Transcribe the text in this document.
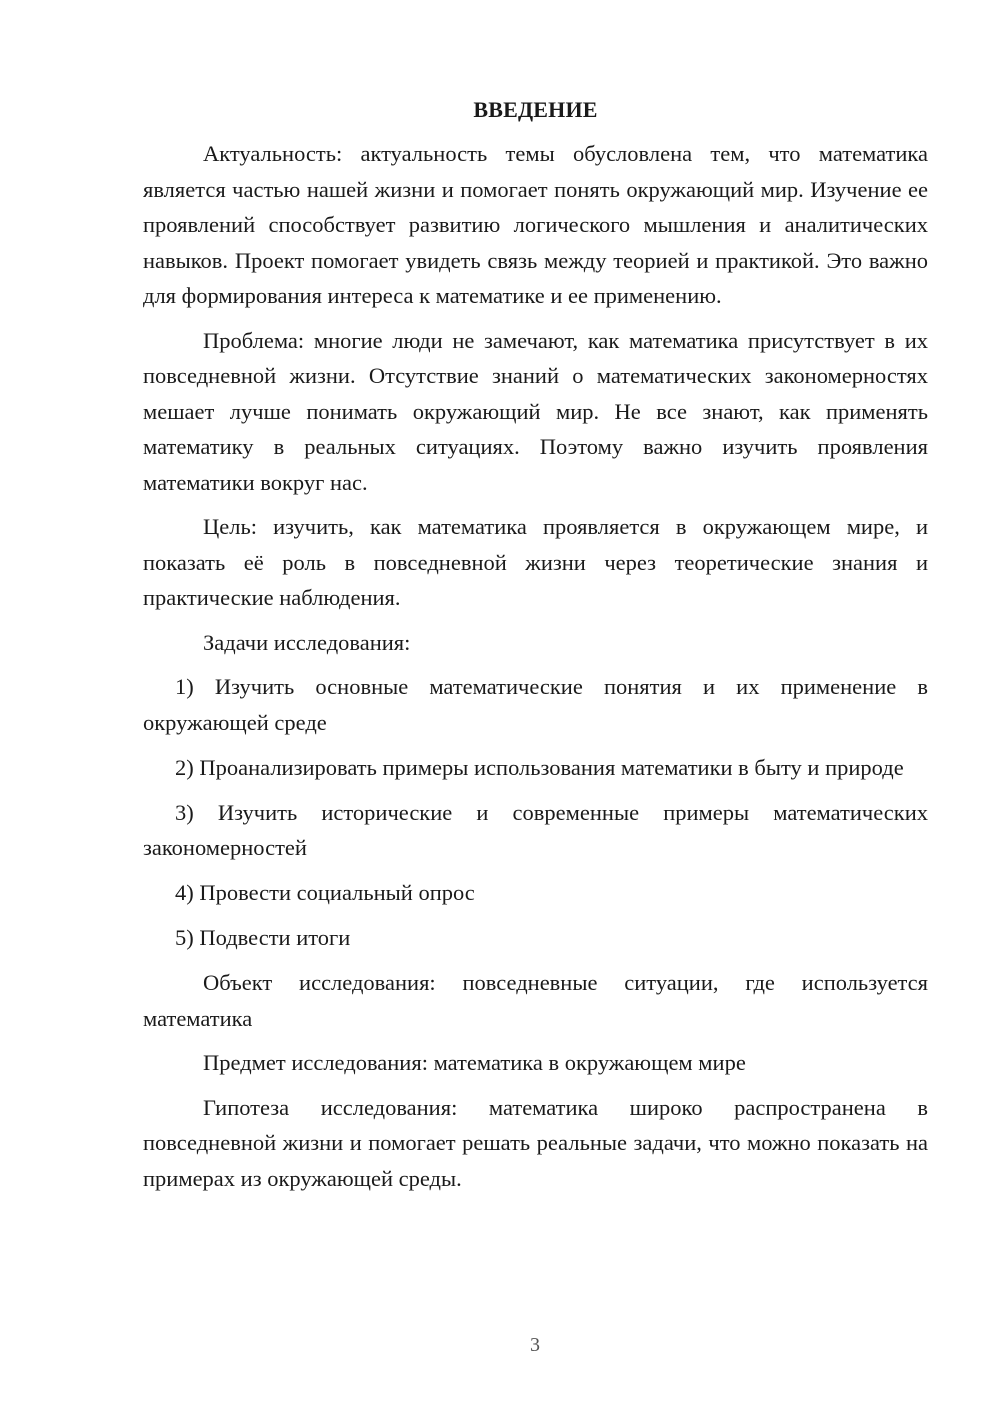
ВВЕДЕНИЕ

Актуальность: актуальность темы обусловлена тем, что математика является частью нашей жизни и помогает понять окружающий мир. Изучение ее проявлений способствует развитию логического мышления и аналитических навыков. Проект помогает увидеть связь между теорией и практикой. Это важно для формирования интереса к математике и ее применению.

Проблема: многие люди не замечают, как математика присутствует в их повседневной жизни. Отсутствие знаний о математических закономерностях мешает лучше понимать окружающий мир. Не все знают, как применять математику в реальных ситуациях. Поэтому важно изучить проявления математики вокруг нас.

Цель: изучить, как математика проявляется в окружающем мире, и показать её роль в повседневной жизни через теоретические знания и практические наблюдения.

Задачи исследования:

1) Изучить основные математические понятия и их применение в окружающей среде

2) Проанализировать примеры использования математики в быту и природе

3) Изучить исторические и современные примеры математических закономерностей

4) Провести социальный опрос

5) Подвести итоги

Объект исследования: повседневные ситуации, где используется математика

Предмет исследования: математика в окружающем мире

Гипотеза исследования: математика широко распространена в повседневной жизни и помогает решать реальные задачи, что можно показать на примерах из окружающей среды.

3
